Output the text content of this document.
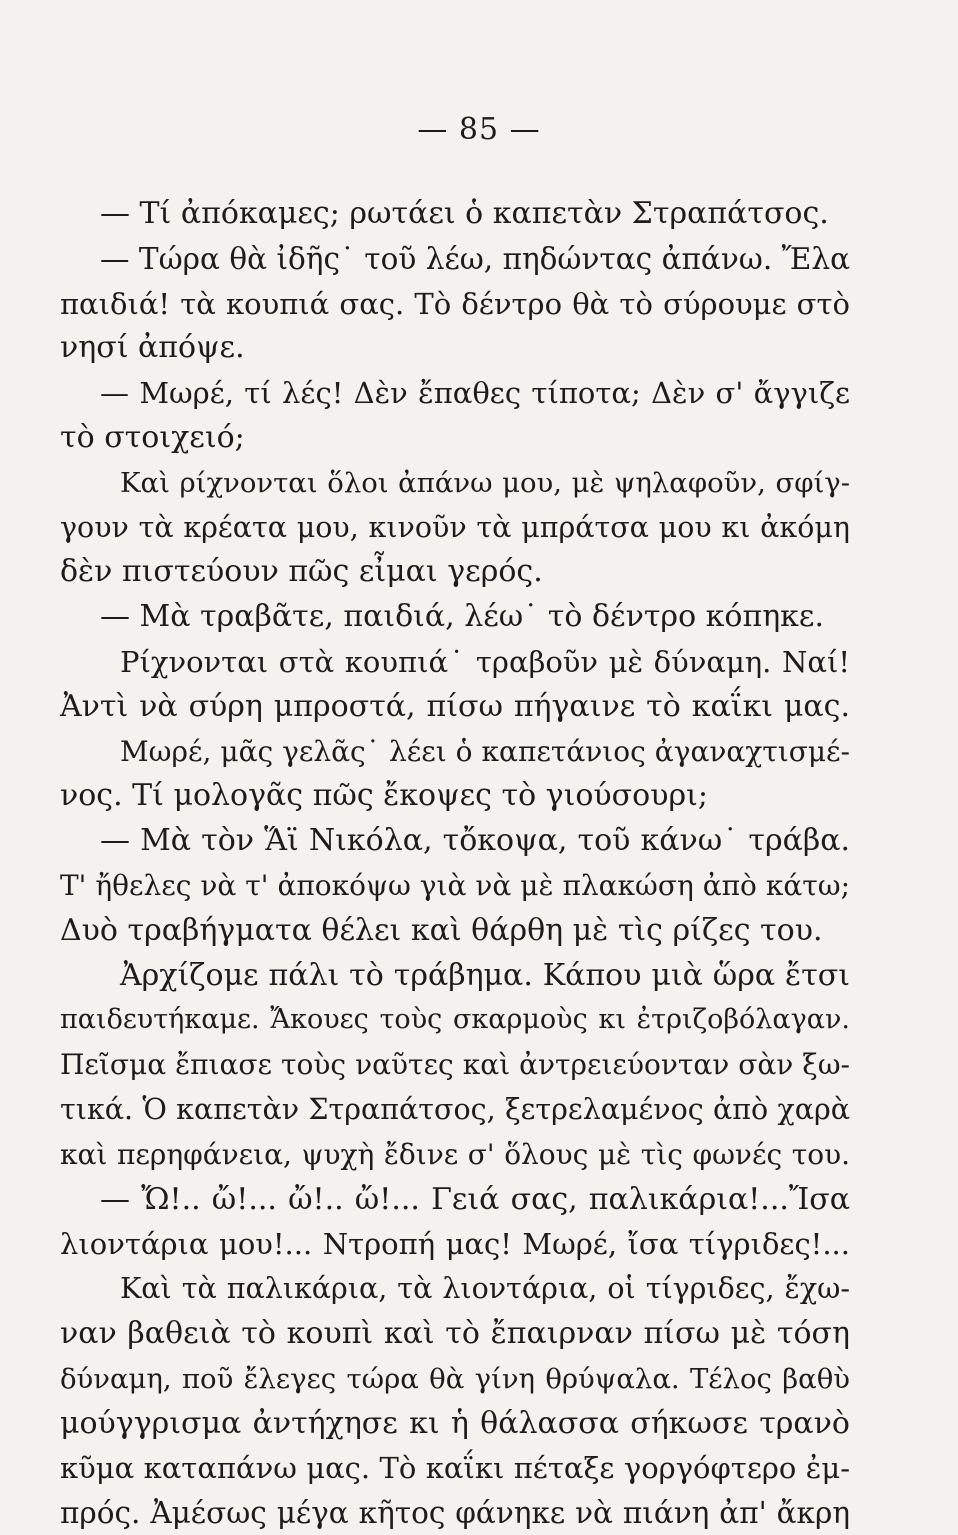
— 85 —
— Τί ἀπόκαμες; ρωτάει ὁ καπετὰν Στραπάτσος.
— Τώρα θὰ ἰδῆς˙ τοῦ λέω, πηδώντας ἀπάνω. Ἔλα
παιδιά! τὰ κουπιά σας. Τὸ δέντρο θὰ τὸ σύρουμε στὸ
νησί ἀπόψε.
— Μωρέ, τί λές! Δὲν ἔπαθες τίποτα; Δὲν σ' ἄγγιζε
τὸ στοιχειό;
Καὶ ρίχνονται ὅλοι ἀπάνω μου, μὲ ψηλαφοῦν, σφίγ-
γουν τὰ κρέατα μου, κινοῦν τὰ μπράτσα μου κι ἀκόμη
δὲν πιστεύουν πῶς εἶμαι γερός.
— Μὰ τραβᾶτε, παιδιά, λέω˙ τὸ δέντρο κόπηκε.
Ρίχνονται στὰ κουπιά˙ τραβοῦν μὲ δύναμη. Ναί!
Ἀντὶ νὰ σύρη μπροστά, πίσω πήγαινε τὸ καΐκι μας.
Μωρέ, μᾶς γελᾶς˙ λέει ὁ καπετάνιος ἀγαναχτισμέ-
νος. Τί μολογᾶς πῶς ἔκοψες τὸ γιούσουρι;
— Μὰ τὸν Ἅϊ Νικόλα, τὄκοψα, τοῦ κάνω˙ τράβα.
Τ' ἤθελες νὰ τ' ἀποκόψω γιὰ νὰ μὲ πλακώση ἀπὸ κάτω;
Δυὸ τραβήγματα θέλει καὶ θάρθη μὲ τὶς ρίζες του.
Ἀρχίζομε πάλι τὸ τράβημα. Κάπου μιὰ ὥρα ἔτσι
παιδευτήκαμε. Ἄκουες τοὺς σκαρμοὺς κι ἐτριζοβόλαγαν.
Πεῖσμα ἔπιασε τοὺς ναῦτες καὶ ἀντρειεύονταν σὰν ξω-
τικά. Ὁ καπετὰν Στραπάτσος, ξετρελαμένος ἀπὸ χαρὰ
καὶ περηφάνεια, ψυχὴ ἔδινε σ' ὅλους μὲ τὶς φωνές του.
— Ὤ!.. ὤ!... ὤ!.. ὤ!... Γειά σας, παλικάρια!...Ἴσα
λιοντάρια μου!... Ντροπή μας! Μωρέ, ἴσα τίγριδες!...
Καὶ τὰ παλικάρια, τὰ λιοντάρια, οἱ τίγριδες, ἔχω-
ναν βαθειὰ τὸ κουπὶ καὶ τὸ ἔπαιρναν πίσω μὲ τόση
δύναμη, ποῦ ἔλεγες τώρα θὰ γίνη θρύψαλα. Τέλος βαθὺ
μούγγρισμα ἀντήχησε κι ἡ θάλασσα σήκωσε τρανὸ
κῦμα καταπάνω μας. Τὸ καΐκι πέταξε γοργόφτερο ἐμ-
πρός. Ἀμέσως μέγα κῆτος φάνηκε νὰ πιάνη ἀπ' ἄκρη
